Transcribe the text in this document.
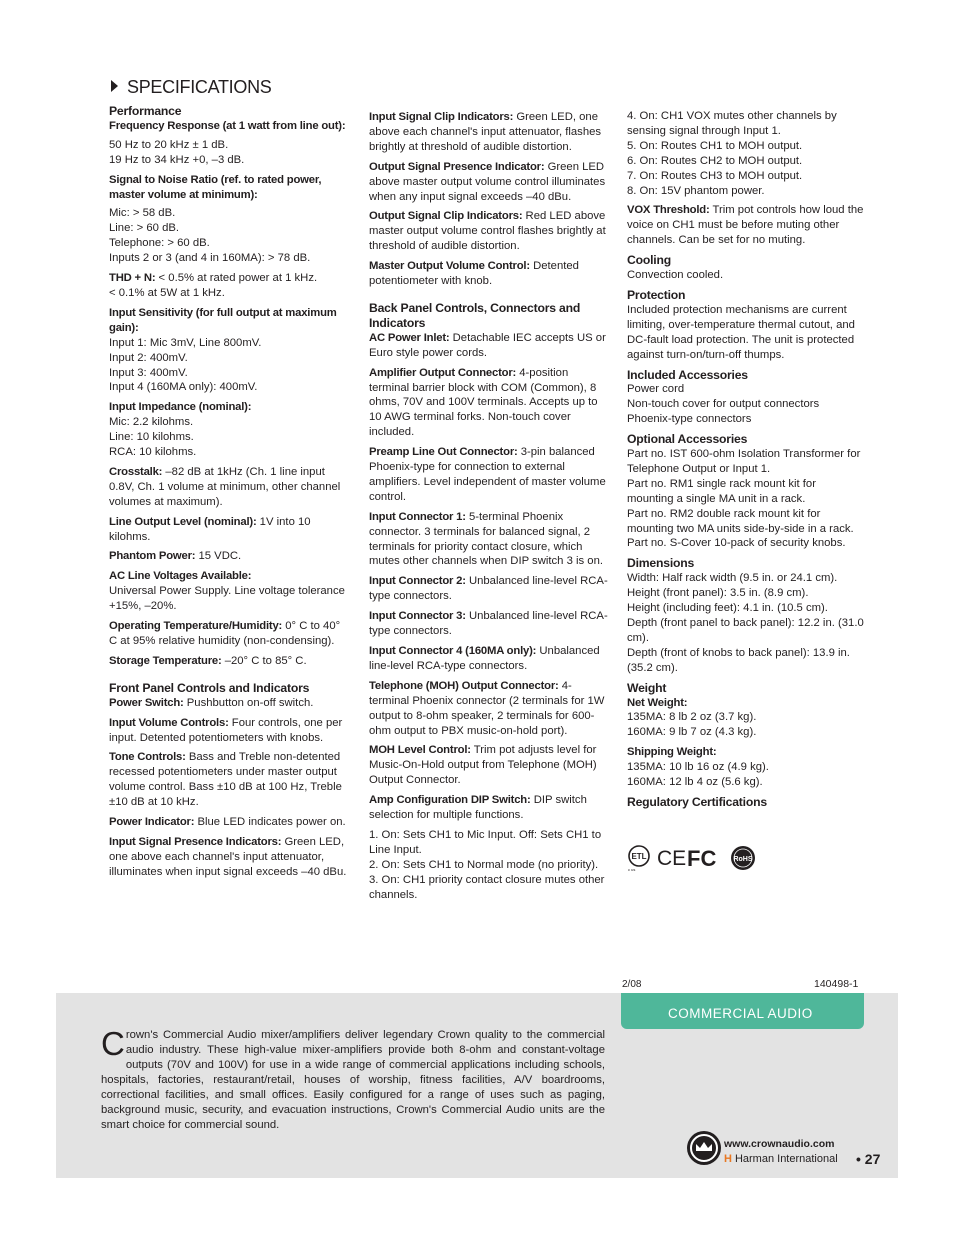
SPECIFICATIONS
Performance
Frequency Response (at 1 watt from line out):
50 Hz to 20 kHz ± 1 dB.
19 Hz to 34 kHz +0, –3 dB.
Signal to Noise Ratio (ref. to rated power, master volume at minimum):
Mic: > 58 dB.
Line: > 60 dB.
Telephone: > 60 dB.
Inputs 2 or 3 (and 4 in 160MA): > 78 dB.
THD + N: < 0.5% at rated power at 1 kHz.
< 0.1% at 5W at 1 kHz.
Input Sensitivity (for full output at maximum gain):
Input 1: Mic 3mV, Line 800mV.
Input 2: 400mV.
Input 3: 400mV.
Input 4 (160MA only): 400mV.
Input Impedance (nominal):
Mic: 2.2 kilohms.
Line: 10 kilohms.
RCA: 10 kilohms.
Crosstalk: –82 dB at 1kHz (Ch. 1 line input 0.8V, Ch. 1 volume at minimum, other channel volumes at maximum).
Line Output Level (nominal): 1V into 10 kilohms.
Phantom Power: 15 VDC.
AC Line Voltages Available:
Universal Power Supply. Line voltage tolerance +15%, –20%.
Operating Temperature/Humidity: 0° C to 40° C at 95% relative humidity (non-condensing).
Storage Temperature: –20° C to 85° C.
Front Panel Controls and Indicators
Power Switch: Pushbutton on-off switch.
Input Volume Controls: Four controls, one per input. Detented potentiometers with knobs.
Tone Controls: Bass and Treble non-detented recessed potentiometers under master output volume control. Bass ±10 dB at 100 Hz, Treble ±10 dB at 10 kHz.
Power Indicator: Blue LED indicates power on.
Input Signal Presence Indicators: Green LED, one above each channel's input attenuator, illuminates when input signal exceeds –40 dBu.
Input Signal Clip Indicators: Green LED, one above each channel's input attenuator, flashes brightly at threshold of audible distortion.
Output Signal Presence Indicator: Green LED above master output volume control illuminates when any input signal exceeds –40 dBu.
Output Signal Clip Indicators: Red LED above master output volume control flashes brightly at threshold of audible distortion.
Master Output Volume Control: Detented potentiometer with knob.
Back Panel Controls, Connectors and Indicators
AC Power Inlet: Detachable IEC accepts US or Euro style power cords.
Amplifier Output Connector: 4-position terminal barrier block with COM (Common), 8 ohms, 70V and 100V terminals. Accepts up to 10 AWG terminal forks. Non-touch cover included.
Preamp Line Out Connector: 3-pin balanced Phoenix-type for connection to external amplifiers. Level independent of master volume control.
Input Connector 1: 5-terminal Phoenix connector. 3 terminals for balanced signal, 2 terminals for priority contact closure, which mutes other channels when DIP switch 3 is on.
Input Connector 2: Unbalanced line-level RCA-type connectors.
Input Connector 3: Unbalanced line-level RCA-type connectors.
Input Connector 4 (160MA only): Unbalanced line-level RCA-type connectors.
Telephone (MOH) Output Connector: 4-terminal Phoenix connector (2 terminals for 1W output to 8-ohm speaker, 2 terminals for 600-ohm output to PBX music-on-hold port).
MOH Level Control: Trim pot adjusts level for Music-On-Hold output from Telephone (MOH) Output Connector.
Amp Configuration DIP Switch: DIP switch selection for multiple functions.
1. On: Sets CH1 to Mic Input. Off: Sets CH1 to Line Input.
2. On: Sets CH1 to Normal mode (no priority).
3. On: CH1 priority contact closure mutes other channels.
4. On: CH1 VOX mutes other channels by sensing signal through Input 1.
5. On: Routes CH1 to MOH output.
6. On: Routes CH2 to MOH output.
7. On: Routes CH3 to MOH output.
8. On: 15V phantom power.
VOX Threshold: Trim pot controls how loud the voice on CH1 must be before muting other channels. Can be set for no muting.
Cooling
Convection cooled.
Protection
Included protection mechanisms are current limiting, over-temperature thermal cutout, and DC-fault load protection. The unit is protected against turn-on/turn-off thumps.
Included Accessories
Power cord
Non-touch cover for output connectors
Phoenix-type connectors
Optional Accessories
Part no. IST 600-ohm Isolation Transformer for Telephone Output or Input 1.
Part no. RM1 single rack mount kit for mounting a single MA unit in a rack.
Part no. RM2 double rack mount kit for mounting two MA units side-by-side in a rack.
Part no. S-Cover 10-pack of security knobs.
Dimensions
Width: Half rack width (9.5 in. or 24.1 cm).
Height (front panel): 3.5 in. (8.9 cm).
Height (including feet): 4.1 in. (10.5 cm).
Depth (front panel to back panel): 12.2 in. (31.0 cm).
Depth (front of knobs to back panel): 13.9 in. (35.2 cm).
Weight
Net Weight:
135MA: 8 lb 2 oz (3.7 kg).
160MA: 9 lb 7 oz (4.3 kg).
Shipping Weight:
135MA: 10 lb 16 oz (4.9 kg).
160MA: 12 lb 4 oz (5.6 kg).
Regulatory Certifications
ETL
c us CE FC RoHS
2/08	140498-1
COMMERCIAL AUDIO
Crown's Commercial Audio mixer/amplifiers deliver legendary Crown quality to the commercial audio industry. These high-value mixer-amplifiers provide both 8-ohm and constant-voltage outputs (70V and 100V) for use in a wide range of commercial applications including schools, hospitals, factories, restaurant/retail, houses of worship, fitness facilities, A/V boardrooms, correctional facilities, and small offices. Easily configured for a range of uses such as paging, background music, security, and evacuation instructions, Crown's Commercial Audio units are the smart choice for commercial sound.
www.crownaudio.com
H Harman International • 27
